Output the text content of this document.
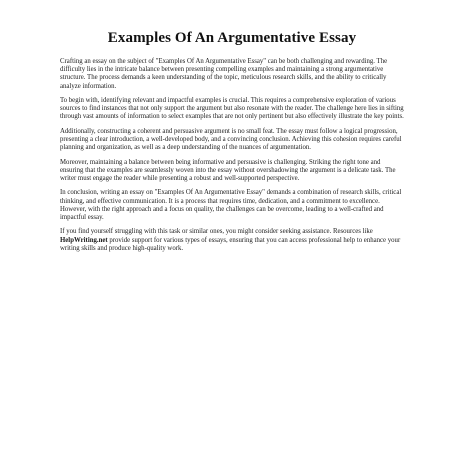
Examples Of An Argumentative Essay

Crafting an essay on the subject of "Examples Of An Argumentative Essay" can be both challenging and rewarding. The difficulty lies in the intricate balance between presenting compelling examples and maintaining a strong argumentative structure. The process demands a keen understanding of the topic, meticulous research skills, and the ability to critically analyze information.

To begin with, identifying relevant and impactful examples is crucial. This requires a comprehensive exploration of various sources to find instances that not only support the argument but also resonate with the reader. The challenge here lies in sifting through vast amounts of information to select examples that are not only pertinent but also effectively illustrate the key points.

Additionally, constructing a coherent and persuasive argument is no small feat. The essay must follow a logical progression, presenting a clear introduction, a well-developed body, and a convincing conclusion. Achieving this cohesion requires careful planning and organization, as well as a deep understanding of the nuances of argumentation.

Moreover, maintaining a balance between being informative and persuasive is challenging. Striking the right tone and ensuring that the examples are seamlessly woven into the essay without overshadowing the argument is a delicate task. The writer must engage the reader while presenting a robust and well-supported perspective.

In conclusion, writing an essay on "Examples Of An Argumentative Essay" demands a combination of research skills, critical thinking, and effective communication. It is a process that requires time, dedication, and a commitment to excellence. However, with the right approach and a focus on quality, the challenges can be overcome, leading to a well-crafted and impactful essay.

If you find yourself struggling with this task or similar ones, you might consider seeking assistance. Resources like HelpWriting.net provide support for various types of essays, ensuring that you can access professional help to enhance your writing skills and produce high-quality work.
